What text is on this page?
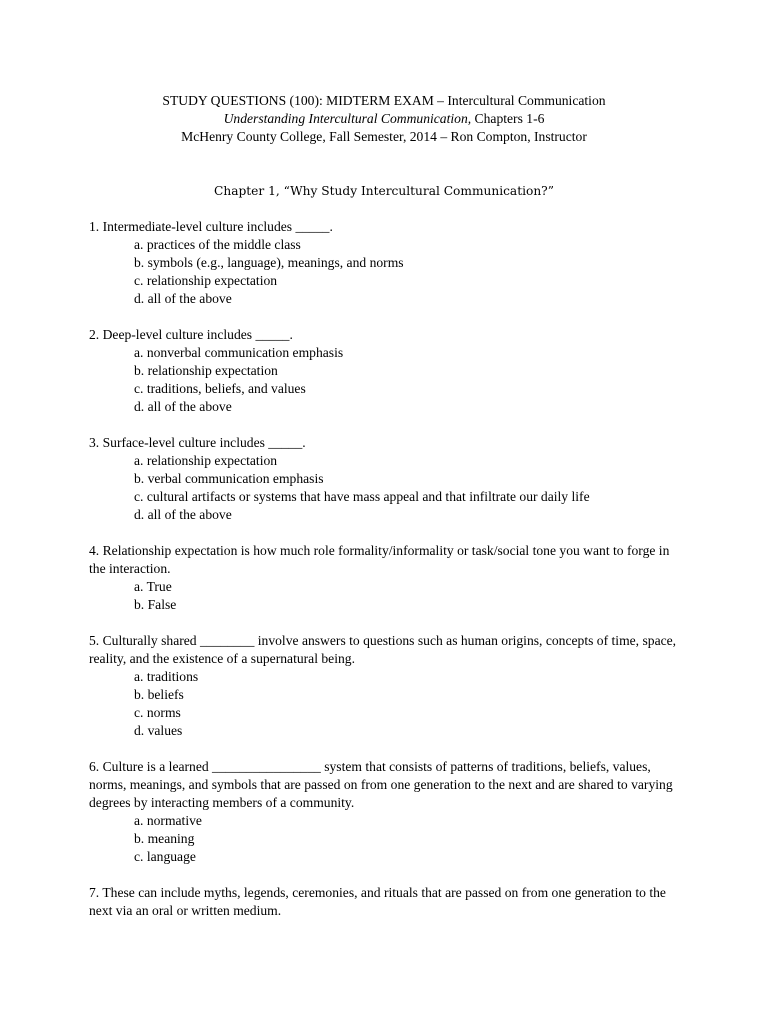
STUDY QUESTIONS (100): MIDTERM EXAM – Intercultural Communication
Understanding Intercultural Communication, Chapters 1-6
McHenry County College, Fall Semester, 2014 – Ron Compton, Instructor
Chapter 1, “Why Study Intercultural Communication?”
1. Intermediate-level culture includes _____.
a. practices of the middle class
b. symbols (e.g., language), meanings, and norms
c. relationship expectation
d. all of the above
2. Deep-level culture includes _____.
a. nonverbal communication emphasis
b. relationship expectation
c. traditions, beliefs, and values
d. all of the above
3. Surface-level culture includes _____.
a. relationship expectation
b. verbal communication emphasis
c. cultural artifacts or systems that have mass appeal and that infiltrate our daily life
d. all of the above
4. Relationship expectation is how much role formality/informality or task/social tone you want to forge in the interaction.
a. True
b. False
5. Culturally shared ________ involve answers to questions such as human origins, concepts of time, space, reality, and the existence of a supernatural being.
a. traditions
b. beliefs
c. norms
d. values
6. Culture is a learned ________________ system that consists of patterns of traditions, beliefs, values, norms, meanings, and symbols that are passed on from one generation to the next and are shared to varying degrees by interacting members of a community.
a. normative
b. meaning
c. language
7. These can include myths, legends, ceremonies, and rituals that are passed on from one generation to the next via an oral or written medium.
